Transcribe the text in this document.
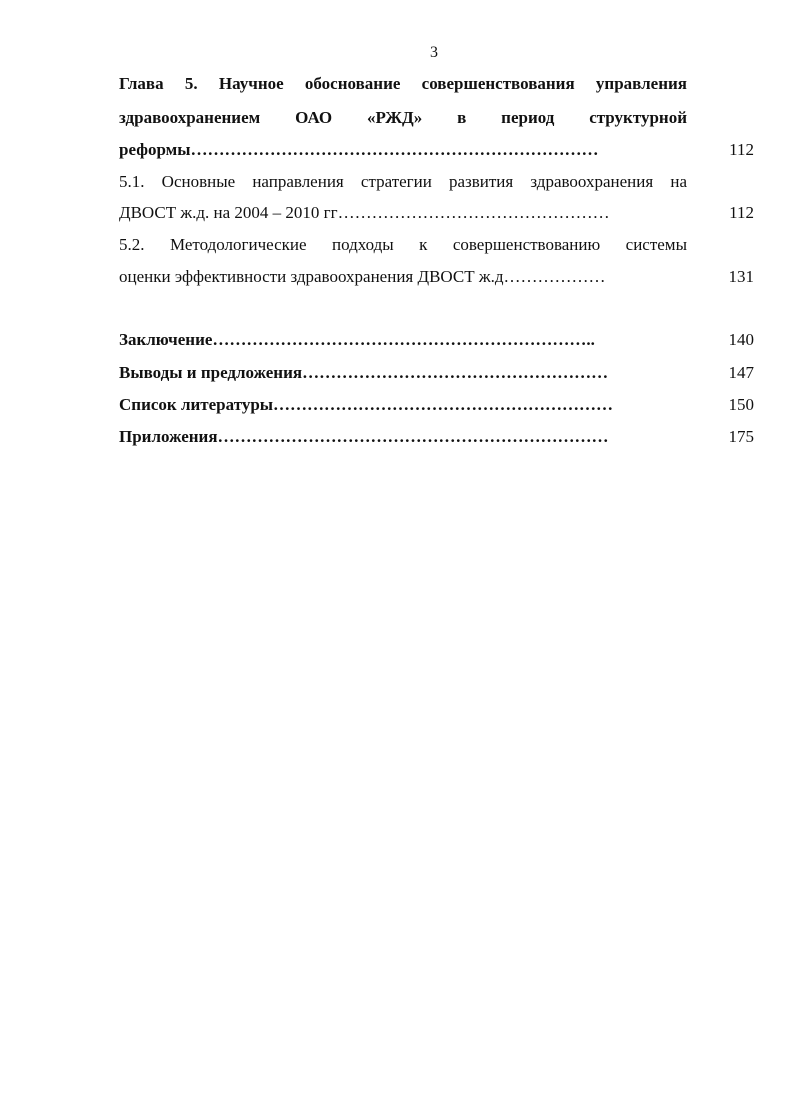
3
Глава 5. Научное обоснование совершенствования управления
здравоохранением ОАО «РЖД» в период структурной
реформы………………………………………………………………	112
5.1. Основные направления стратегии развития здравоохранения на
ДВОСТ ж.д. на 2004 – 2010 гг…………………………………………	112
5.2. Методологические подходы к совершенствованию системы
оценки эффективности здравоохранения ДВОСТ ж.д………………	131
Заключение…………………………………………………………..	140
Выводы и предложения………………………………………………	147
Список литературы……………………………………………………	150
Приложения……………………………………………………………	175
